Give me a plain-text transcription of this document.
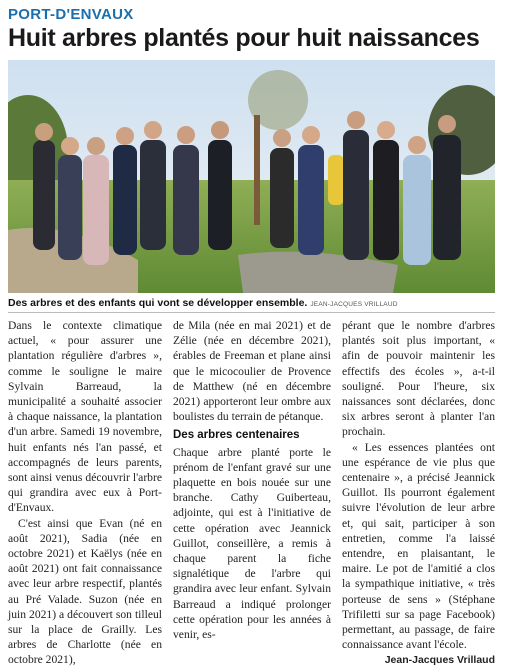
PORT-D'ENVAUX
Huit arbres plantés pour huit naissances
Des arbres et des enfants qui vont se développer ensemble. JEAN-JACQUES VRILLAUD

Dans le contexte climatique actuel, « pour assurer une plantation régulière d'arbres », comme le souligne le maire Sylvain Barreaud, la municipalité a souhaité associer à chaque naissance, la plantation d'un arbre. Samedi 19 novembre, huit enfants nés l'an passé, et accompagnés de leurs parents, sont ainsi venus découvrir l'arbre qui grandira avec eux à Port-d'Envaux.

C'est ainsi que Evan (né en août 2021), Sadia (née en octobre 2021) et Kaëlys (née en août 2021) ont fait connaissance avec leur arbre respectif, plantés au Pré Valade. Suzon (née en juin 2021) a découvert son tilleul sur la place de Grailly. Les arbres de Charlotte (née en octobre 2021),

de Mila (née en mai 2021) et de Zélie (née en décembre 2021), érables de Freeman et plane ainsi que le micocoulier de Provence de Matthew (né en décembre 2021) apporteront leur ombre aux boulistes du terrain de pétanque.

Des arbres centenaires

Chaque arbre planté porte le prénom de l'enfant gravé sur une plaquette en bois nouée sur une branche. Cathy Guiberteau, adjointe, qui est à l'initiative de cette opération avec Jeannick Guillot, conseillère, a remis à chaque parent la fiche signalétique de l'arbre qui grandira avec leur enfant. Sylvain Barreaud a indiqué prolonger cette opération pour les années à venir, es-

pérant que le nombre d'arbres plantés soit plus important, « afin de pouvoir maintenir les effectifs des écoles », a-t-il souligné. Pour l'heure, six naissances sont déclarées, donc six arbres seront à planter l'an prochain.

« Les essences plantées ont une espérance de vie plus que centenaire », a précisé Jeannick Guillot. Ils pourront également suivre l'évolution de leur arbre et, qui sait, participer à son entretien, comme l'a laissé entendre, en plaisantant, le maire. Le pot de l'amitié a clos la sympathique initiative, « très porteuse de sens » (Stéphane Trifiletti sur sa page Facebook) permettant, au passage, de faire connaissance avant l'école.

Jean-Jacques Vrillaud
